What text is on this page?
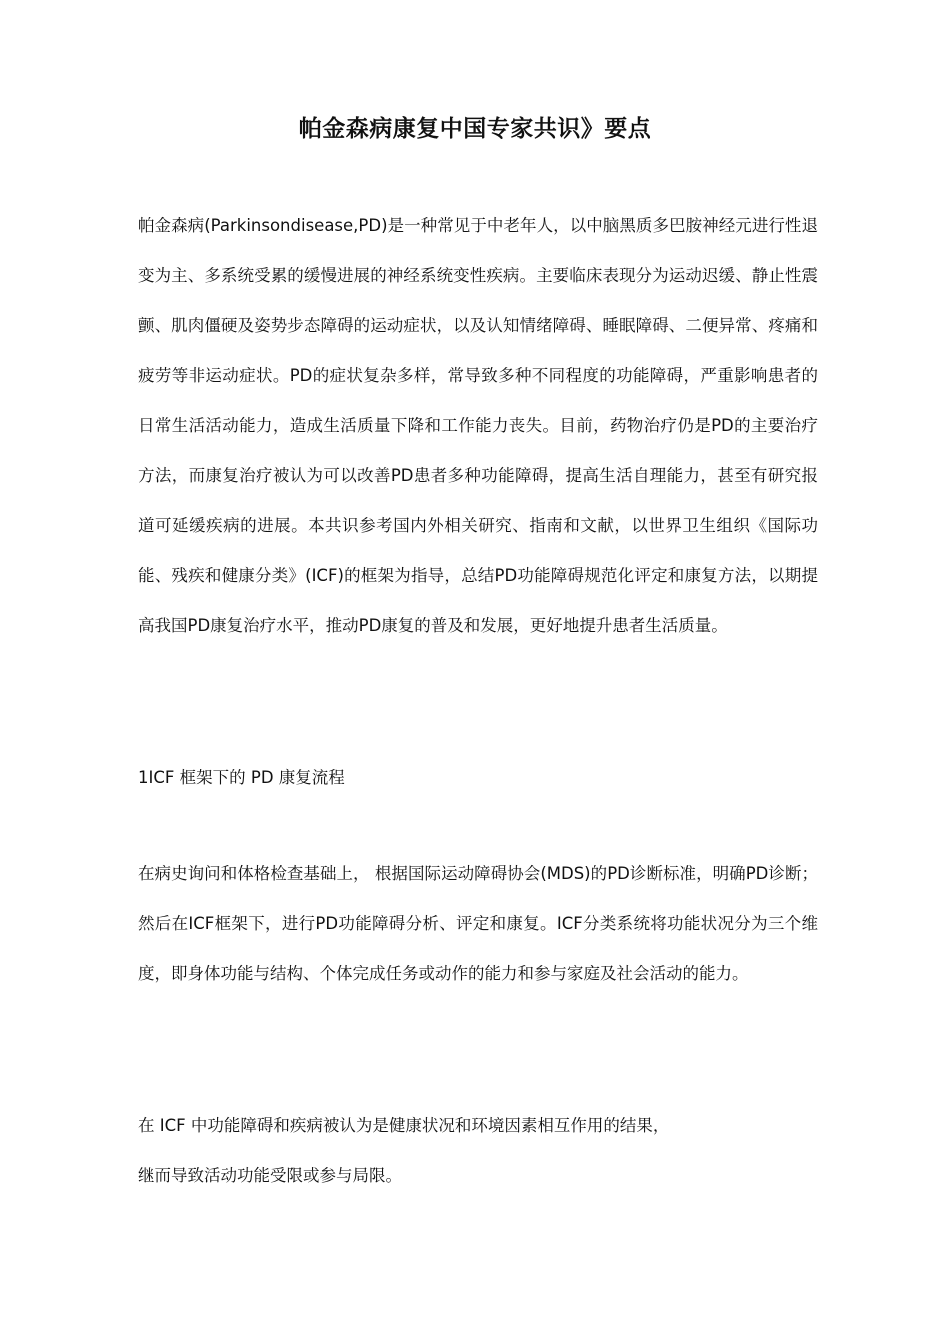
帕金森病康复中国专家共识》要点
帕金森病(Parkinsondisease,PD)是一种常见于中老年人，以中脑黑质多巴胺神经元进行性退变为主、多系统受累的缓慢进展的神经系统变性疾病。主要临床表现分为运动迟缓、静止性震颤、肌肉僵硬及姿势步态障碍的运动症状，以及认知情绪障碍、睡眠障碍、二便异常、疼痛和疲劳等非运动症状。PD的症状复杂多样，常导致多种不同程度的功能障碍，严重影响患者的日常生活活动能力，造成生活质量下降和工作能力丧失。目前，药物治疗仍是PD的主要治疗方法，而康复治疗被认为可以改善PD患者多种功能障碍，提高生活自理能力，甚至有研究报道可延缓疾病的进展。本共识参考国内外相关研究、指南和文献，以世界卫生组织《国际功能、残疾和健康分类》(ICF)的框架为指导，总结PD功能障碍规范化评定和康复方法，以期提高我国PD康复治疗水平，推动PD康复的普及和发展，更好地提升患者生活质量。
1ICF 框架下的 PD 康复流程
在病史询问和体格检查基础上， 根据国际运动障碍协会(MDS)的PD诊断标准，明确PD诊断；然后在ICF框架下，进行PD功能障碍分析、评定和康复。ICF分类系统将功能状况分为三个维度，即身体功能与结构、个体完成任务或动作的能力和参与家庭及社会活动的能力。
在 ICF 中功能障碍和疾病被认为是健康状况和环境因素相互作用的结果，
继而导致活动功能受限或参与局限。
